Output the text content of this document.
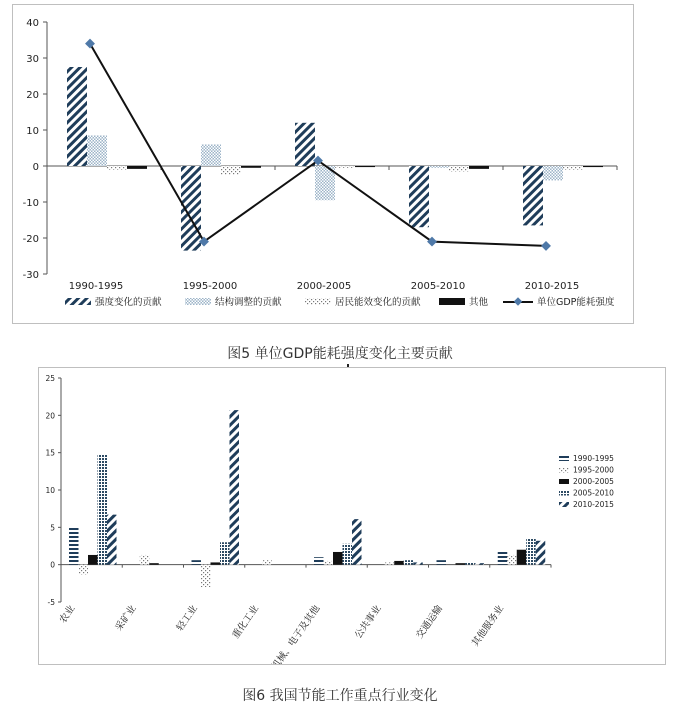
40
30
20
10
0
-10
-20
-30
1990-1995	1995-2000	2000-2005	2005-2010	2010-2015
强度变化的贡献	结构调整的贡献	居民能效变化的贡献	其他	单位GDP能耗强度
图5 单位GDP能耗强度变化主要贡献
25
20
15
10
5
0
-5
农业	采矿业	轻工业	重化工业 机械、电子及其他	公共事业	交通运输	其他服务业
1990-1995
1995-2000
2000-2005
2005-2010
2010-2015
图6 我国节能工作重点行业变化
